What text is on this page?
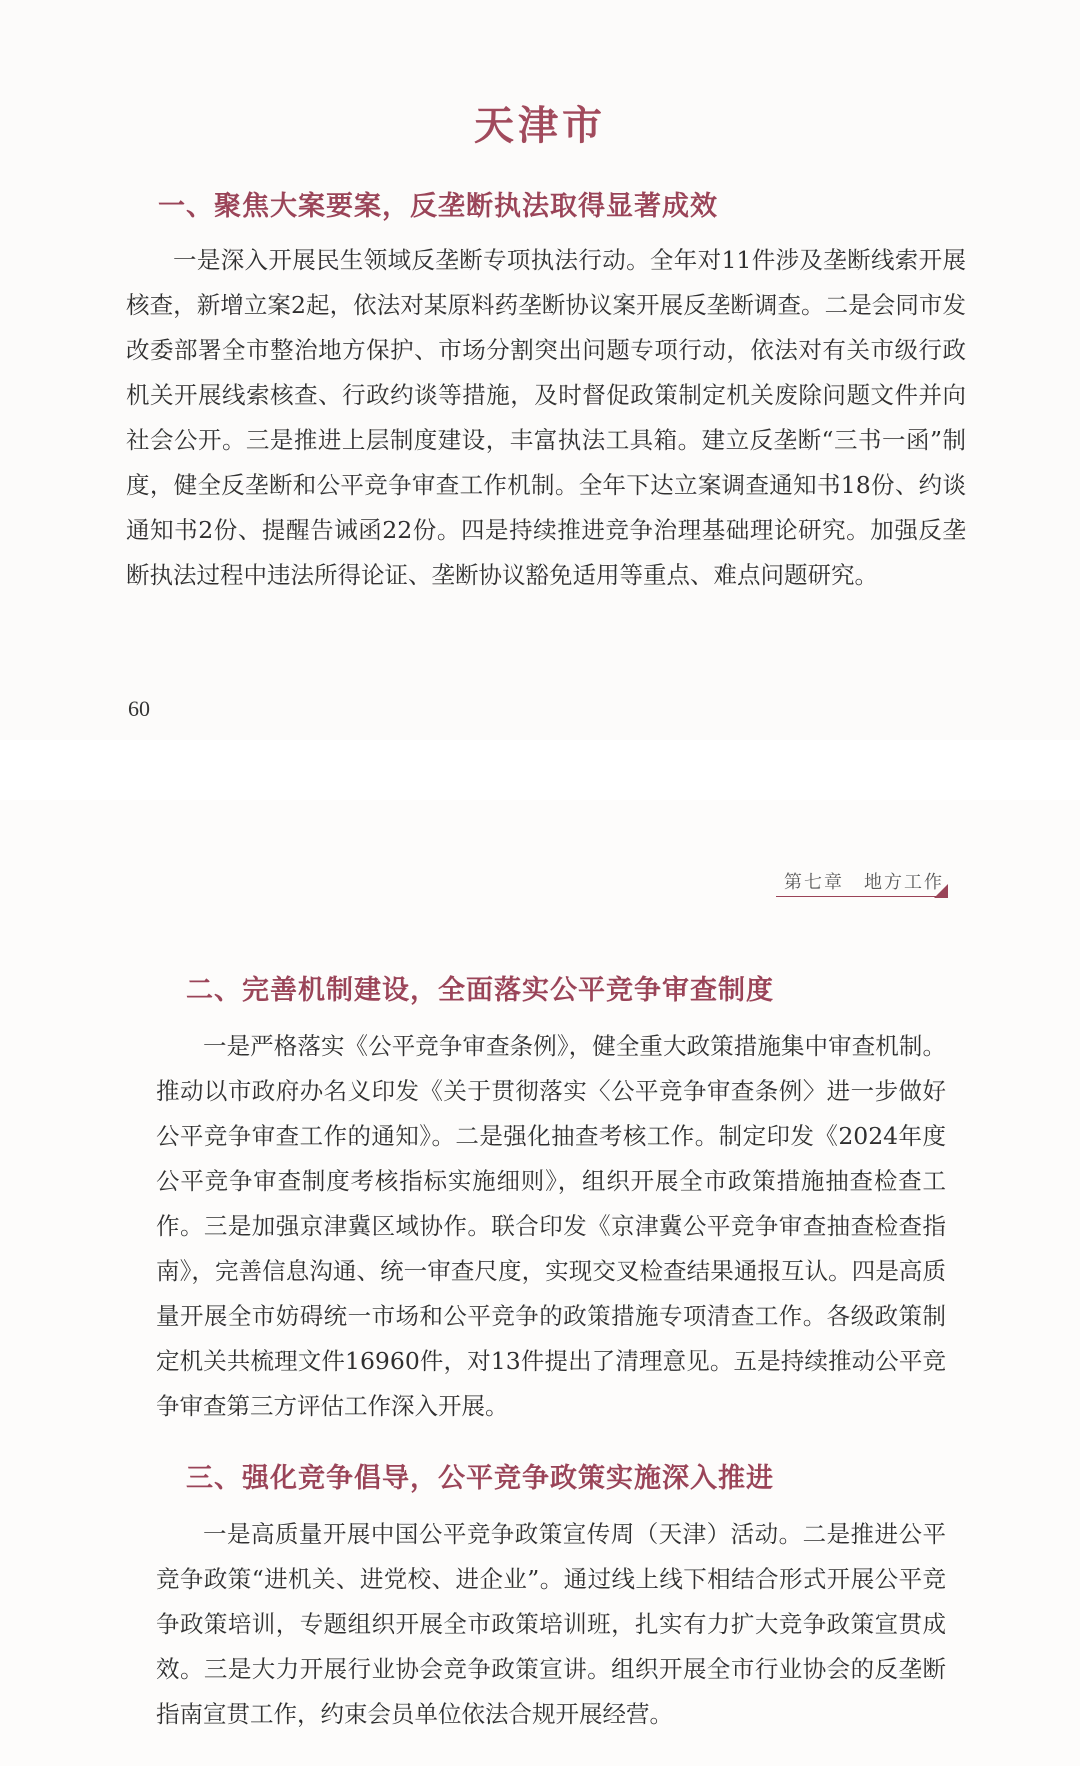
天津市
一、聚焦大案要案，反垄断执法取得显著成效

一是深入开展民生领域反垄断专项执法行动。全年对11件涉及垄断线索开展核查，新增立案2起，依法对某原料药垄断协议案开展反垄断调查。二是会同市发改委部署全市整治地方保护、市场分割突出问题专项行动，依法对有关市级行政机关开展线索核查、行政约谈等措施，及时督促政策制定机关废除问题文件并向社会公开。三是推进上层制度建设，丰富执法工具箱。建立反垄断“三书一函”制度，健全反垄断和公平竞争审查工作机制。全年下达立案调查通知书18份、约谈通知书2份、提醒告诫函22份。四是持续推进竞争治理基础理论研究。加强反垄断执法过程中违法所得论证、垄断协议豁免适用等重点、难点问题研究。

60
第七章　地方工作
二、完善机制建设，全面落实公平竞争审查制度

一是严格落实《公平竞争审查条例》，健全重大政策措施集中审查机制。推动以市政府办名义印发《关于贯彻落实〈公平竞争审查条例〉进一步做好公平竞争审查工作的通知》。二是强化抽查考核工作。制定印发《2024年度公平竞争审查制度考核指标实施细则》，组织开展全市政策措施抽查检查工作。三是加强京津冀区域协作。联合印发《京津冀公平竞争审查抽查检查指南》，完善信息沟通、统一审查尺度，实现交叉检查结果通报互认。四是高质量开展全市妨碍统一市场和公平竞争的政策措施专项清查工作。各级政策制定机关共梳理文件16960件，对13件提出了清理意见。五是持续推动公平竞争审查第三方评估工作深入开展。

三、强化竞争倡导，公平竞争政策实施深入推进

一是高质量开展中国公平竞争政策宣传周（天津）活动。二是推进公平竞争政策“进机关、进党校、进企业”。通过线上线下相结合形式开展公平竞争政策培训，专题组织开展全市政策培训班，扎实有力扩大竞争政策宣贯成效。三是大力开展行业协会竞争政策宣讲。组织开展全市行业协会的反垄断指南宣贯工作，约束会员单位依法合规开展经营。
